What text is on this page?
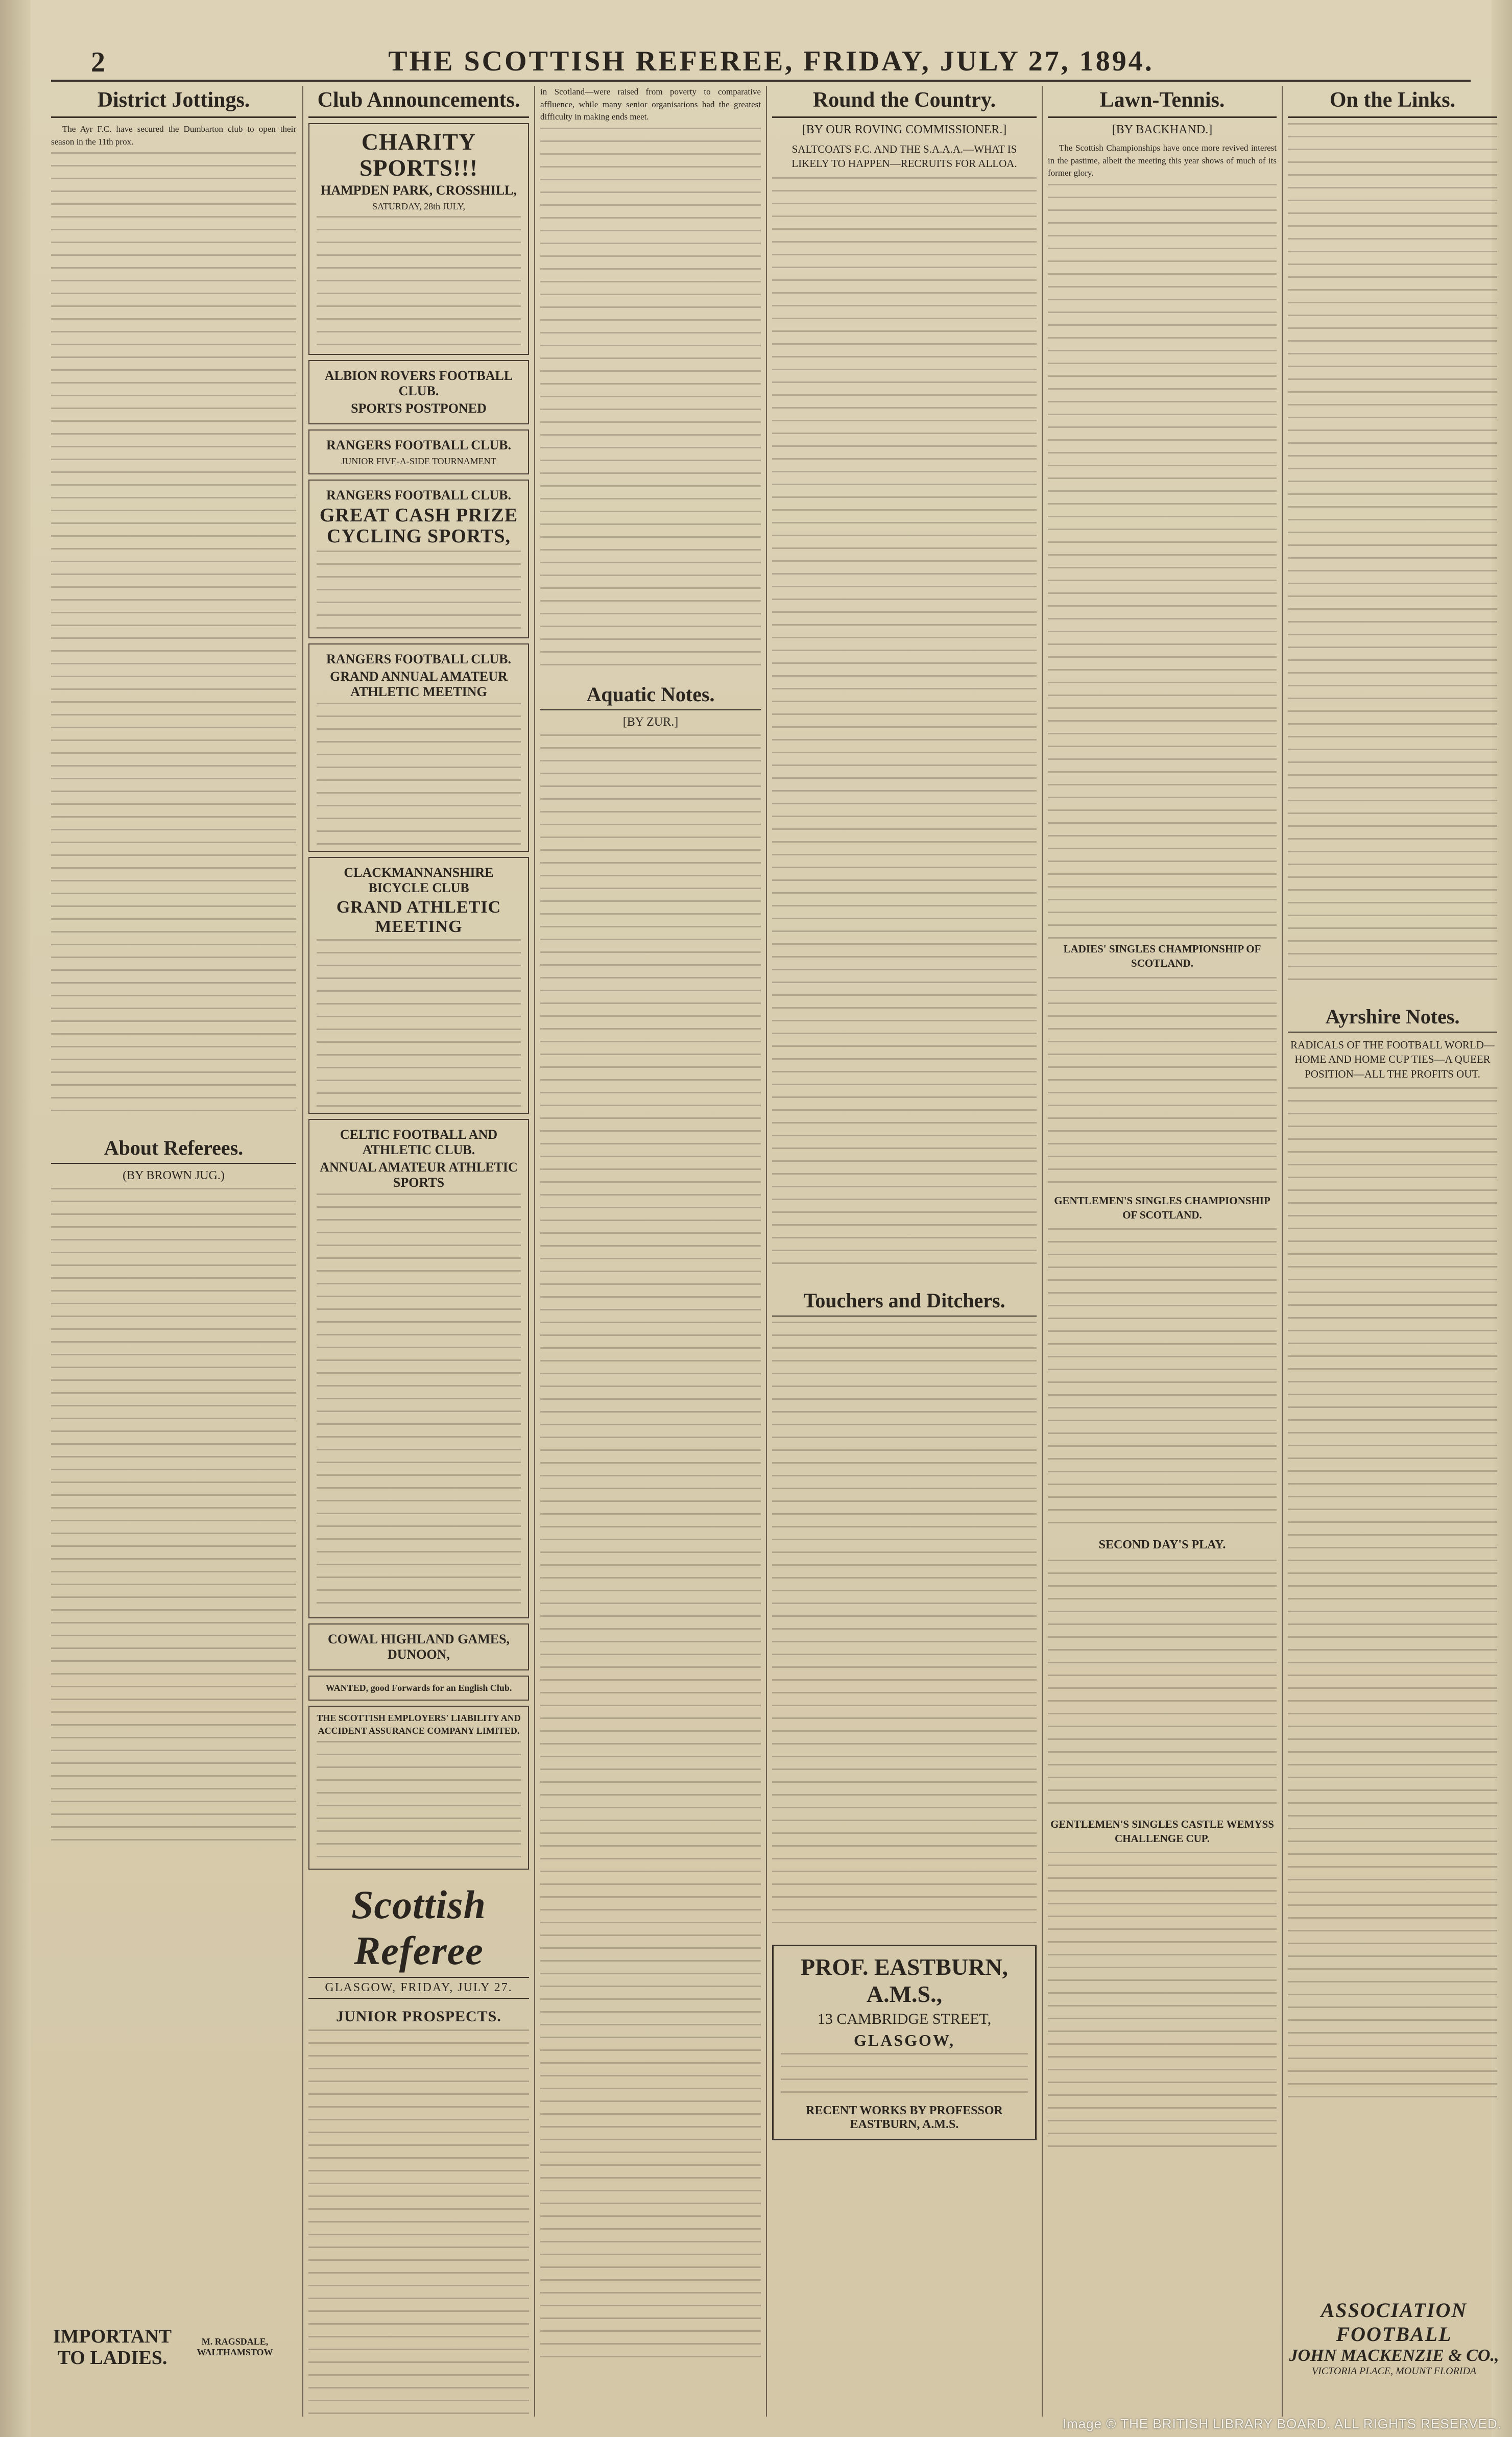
2	THE SCOTTISH REFEREE, FRIDAY, JULY 27, 1894.
District Jottings.

The Ayr F.C. have secured the Dumbarton club to open their season in the 11th prox.

About Referees.
(BY BROWN JUG.)
IMPORTANT TO LADIES.
M. RAGSDALE, WALTHAMSTOW
Club Announcements.
CHARITY SPORTS!!!
HAMPDEN PARK, CROSSHILL,
SATURDAY, 28th JULY,
ALBION ROVERS FOOTBALL CLUB.
SPORTS POSTPONED
RANGERS FOOTBALL CLUB.
JUNIOR FIVE-A-SIDE TOURNAMENT
RANGERS FOOTBALL CLUB.
GREAT CASH PRIZE CYCLING SPORTS,
RANGERS FOOTBALL CLUB.
GRAND ANNUAL AMATEUR ATHLETIC MEETING
CLACKMANNANSHIRE BICYCLE CLUB
GRAND ATHLETIC MEETING
CELTIC FOOTBALL AND ATHLETIC CLUB.
ANNUAL AMATEUR ATHLETIC SPORTS
COWAL HIGHLAND GAMES, DUNOON,
WANTED, good Forwards for an English Club.
THE SCOTTISH EMPLOYERS' LIABILITY AND ACCIDENT ASSURANCE COMPANY LIMITED.
Scottish Referee
GLASGOW, FRIDAY, JULY 27.
JUNIOR PROSPECTS.

in Scotland—were raised from poverty to comparative affluence, while many senior organisations had the greatest difficulty in making ends meet.

Aquatic Notes.
[BY ZUR.]
Round the Country.
[BY OUR ROVING COMMISSIONER.]
SALTCOATS F.C. AND THE S.A.A.A.—WHAT IS LIKELY TO HAPPEN—RECRUITS FOR ALLOA.
Touchers and Ditchers.
PROF. EASTBURN, A.M.S.,
13 CAMBRIDGE STREET,
GLASGOW,
RECENT WORKS BY PROFESSOR EASTBURN, A.M.S.
Lawn-Tennis.
[BY BACKHAND.]

The Scottish Championships have once more revived interest in the pastime, albeit the meeting this year shows of much of its former glory.

LADIES' SINGLES CHAMPIONSHIP OF SCOTLAND.
GENTLEMEN'S SINGLES CHAMPIONSHIP OF SCOTLAND.
SECOND DAY'S PLAY.
GENTLEMEN'S SINGLES CASTLE WEMYSS CHALLENGE CUP.
On the Links.
Ayrshire Notes.
RADICALS OF THE FOOTBALL WORLD—HOME AND HOME CUP TIES—A QUEER POSITION—ALL THE PROFITS OUT.
ASSOCIATION FOOTBALL
JOHN MACKENZIE & CO.,
VICTORIA PLACE, MOUNT FLORIDA
Image © THE BRITISH LIBRARY BOARD. ALL RIGHTS RESERVED.
